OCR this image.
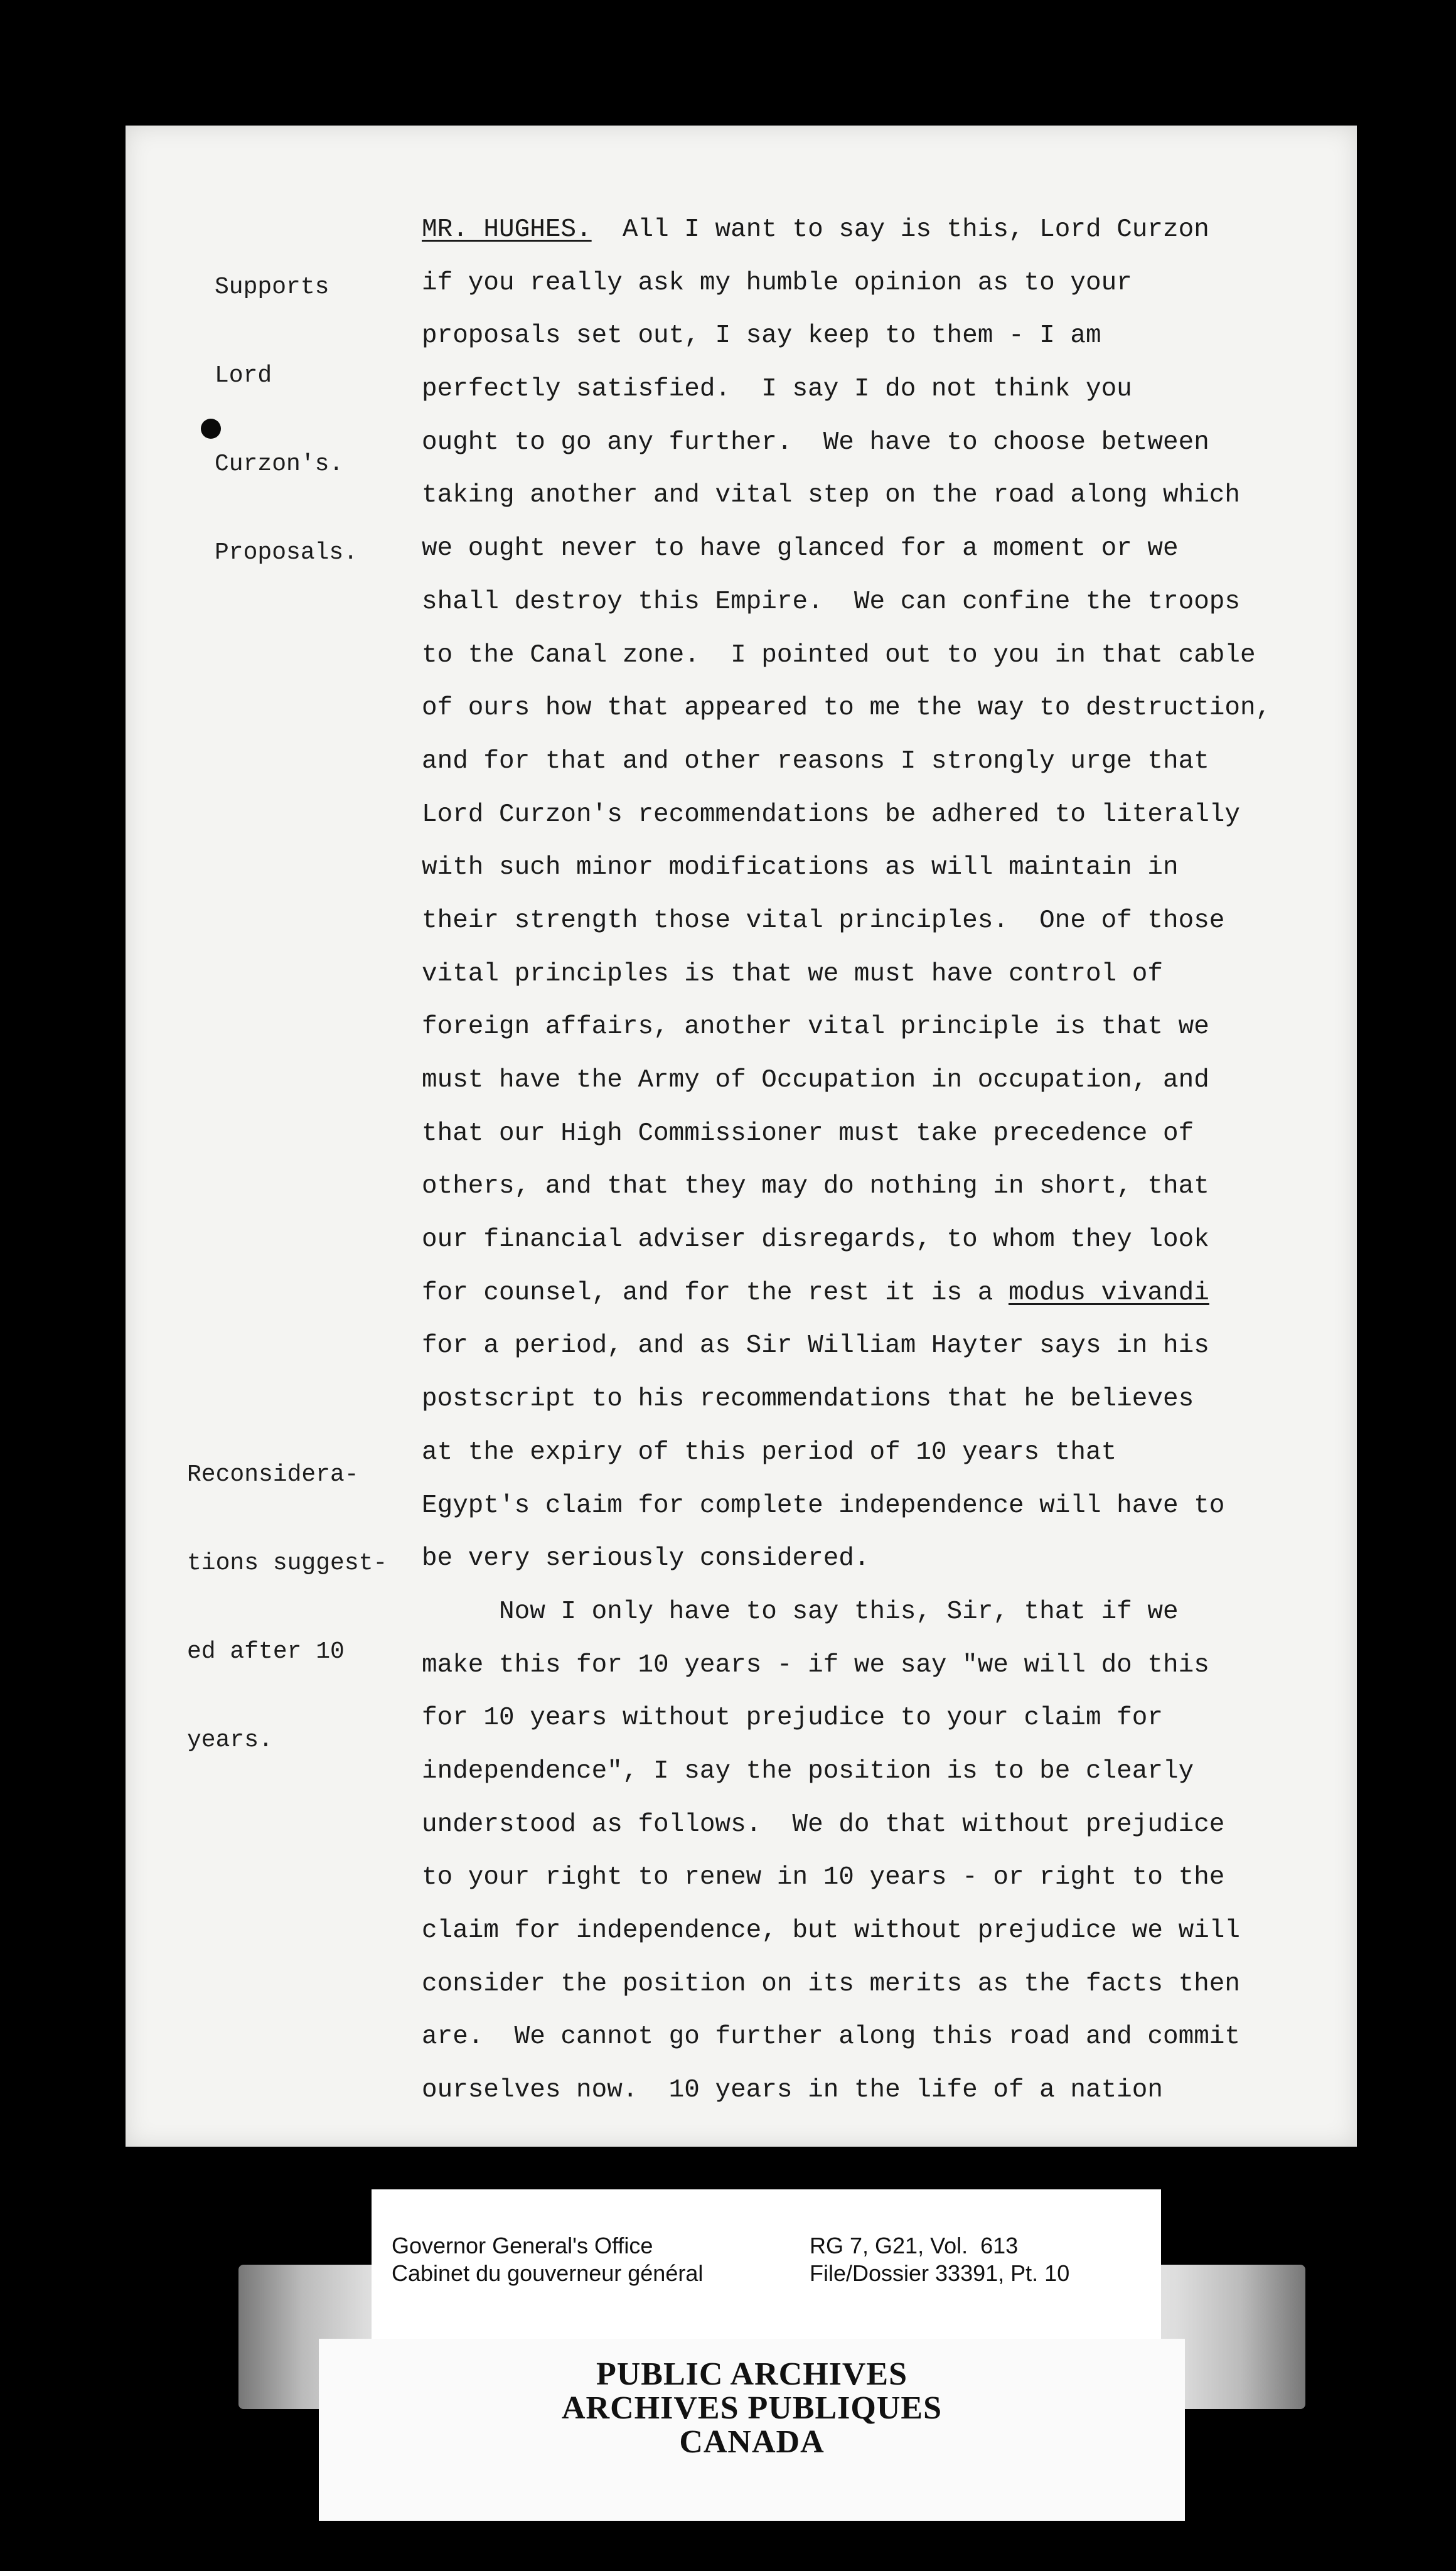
Supports

Lord

Curzon's.

Proposals.

Reconsidera-

tions suggest-

ed after 10

years.

MR. HUGHES. All I want to say is this, Lord Curzon
if you really ask my humble opinion as to your
proposals set out, I say keep to them - I am
perfectly satisfied.  I say I do not think you
ought to go any further.  We have to choose between
taking another and vital step on the road along which
we ought never to have glanced for a moment or we
shall destroy this Empire.  We can confine the troops
to the Canal zone.  I pointed out to you in that cable
of ours how that appeared to me the way to destruction,
and for that and other reasons I strongly urge that
Lord Curzon's recommendations be adhered to literally
with such minor modifications as will maintain in
their strength those vital principles.  One of those
vital principles is that we must have control of
foreign affairs, another vital principle is that we
must have the Army of Occupation in occupation, and
that our High Commissioner must take precedence of
others, and that they may do nothing in short, that
our financial adviser disregards, to whom they look
for counsel, and for the rest it is a modus vivandi
for a period, and as Sir William Hayter says in his
postscript to his recommendations that he believes
at the expiry of this period of 10 years that
Egypt's claim for complete independence will have to
be very seriously considered.
Now I only have to say this, Sir, that if we
make this for 10 years - if we say "we will do this
for 10 years without prejudice to your claim for
independence", I say the position is to be clearly
understood as follows.  We do that without prejudice
to your right to renew in 10 years - or right to the
claim for independence, but without prejudice we will
consider the position on its merits as the facts then
are.  We cannot go further along this road and commit
ourselves now.  10 years in the life of a nation
Governor General's Office
Cabinet du gouverneur général
RG 7, G21, Vol.  613
File/Dossier 33391, Pt. 10
PUBLIC ARCHIVES
ARCHIVES PUBLIQUES
CANADA
